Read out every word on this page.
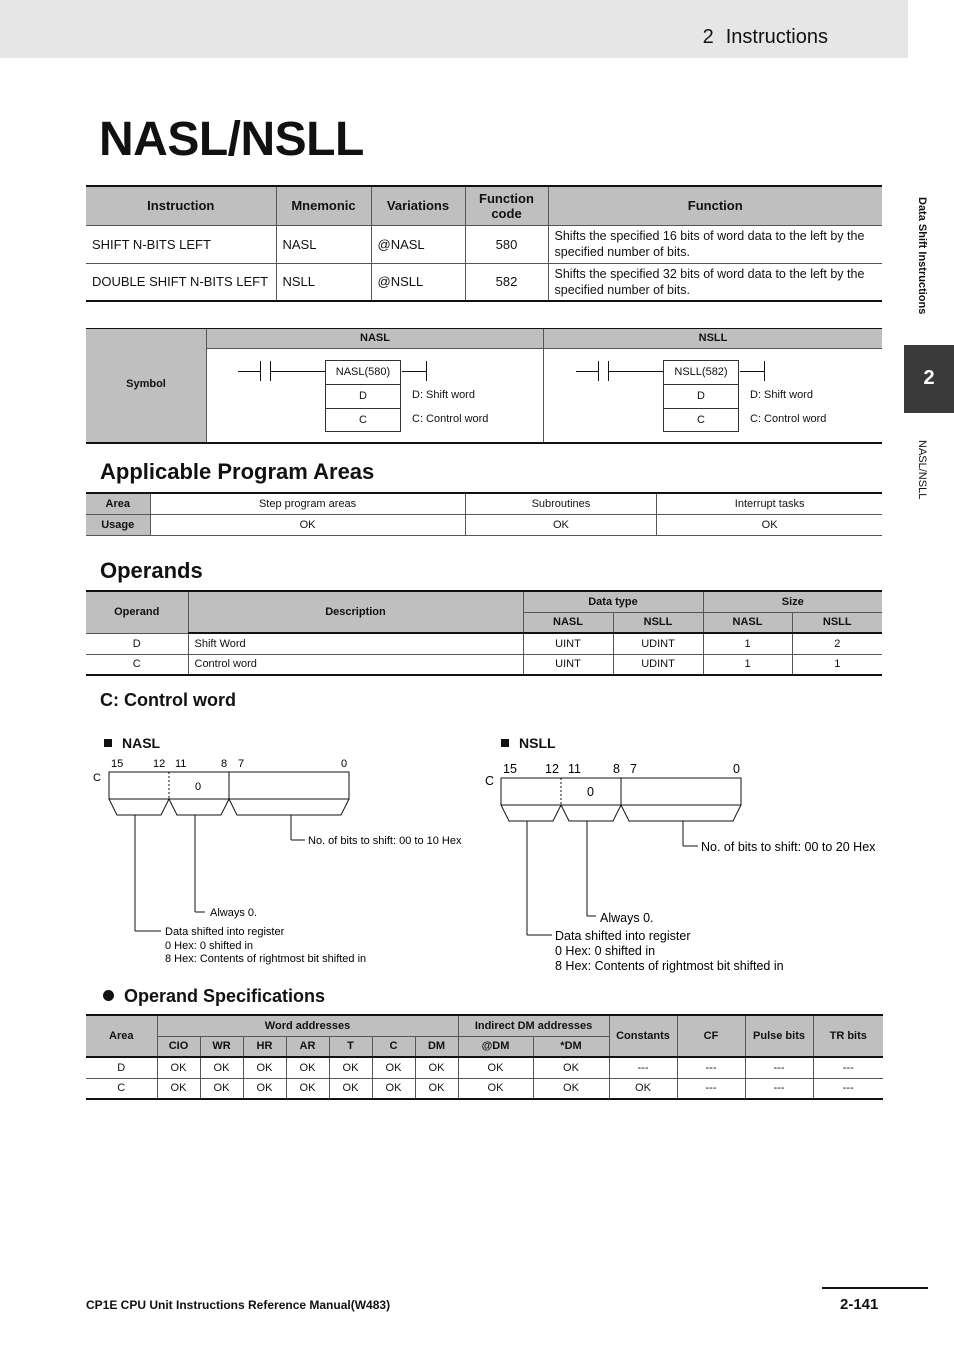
2 Instructions
Data Shift Instructions
2
NASL/NSLL
NASL/NSLL
Instruction	Mnemonic	Variations	Function code	Function
SHIFT N-BITS LEFT	NASL	@NASL	580	Shifts the specified 16 bits of word data to the left by the specified number of bits.
DOUBLE SHIFT N-BITS LEFT	NSLL	@NSLL	582	Shifts the specified 32 bits of word data to the left by the specified number of bits.
Symbol
NASL	NSLL
NASL(580)
D
C
D: Shift word
C: Control word
NSLL(582)
D
C
D: Shift word
C: Control word
Applicable Program Areas
Area	Step program areas	Subroutines	Interrupt tasks
Usage	OK	OK	OK
Operands
Operand	Description	Data type		Size	
		NASL	NSLL	NASL	NSLL
D	Shift Word	UINT	UDINT	1	2
C	Control word	UINT	UDINT	1	1
C: Control word
NASL	NSLL
15	12 11	8 7	0
C
0
No. of bits to shift: 00 to 10 Hex
Always 0.
Data shifted into register
0 Hex: 0 shifted in
8 Hex: Contents of rightmost bit shifted in
15 12 11	8 7	0
C
0
No. of bits to shift: 00 to 20 Hex
Always 0.
Data shifted into register
0 Hex: 0 shifted in
8 Hex: Contents of rightmost bit shifted in
Operand Specifications
Area	Word addresses							Indirect DM addresses		Constants	CF	Pulse bits	TR bits
	CIO	WR	HR	AR	T	C	DM	@DM	*DM				
D	OK	OK	OK	OK	OK	OK	OK	OK	OK	---	---	---	---
C	OK	OK	OK	OK	OK	OK	OK	OK	OK	OK	---	---	---
CP1E CPU Unit Instructions Reference Manual(W483)	2-141
